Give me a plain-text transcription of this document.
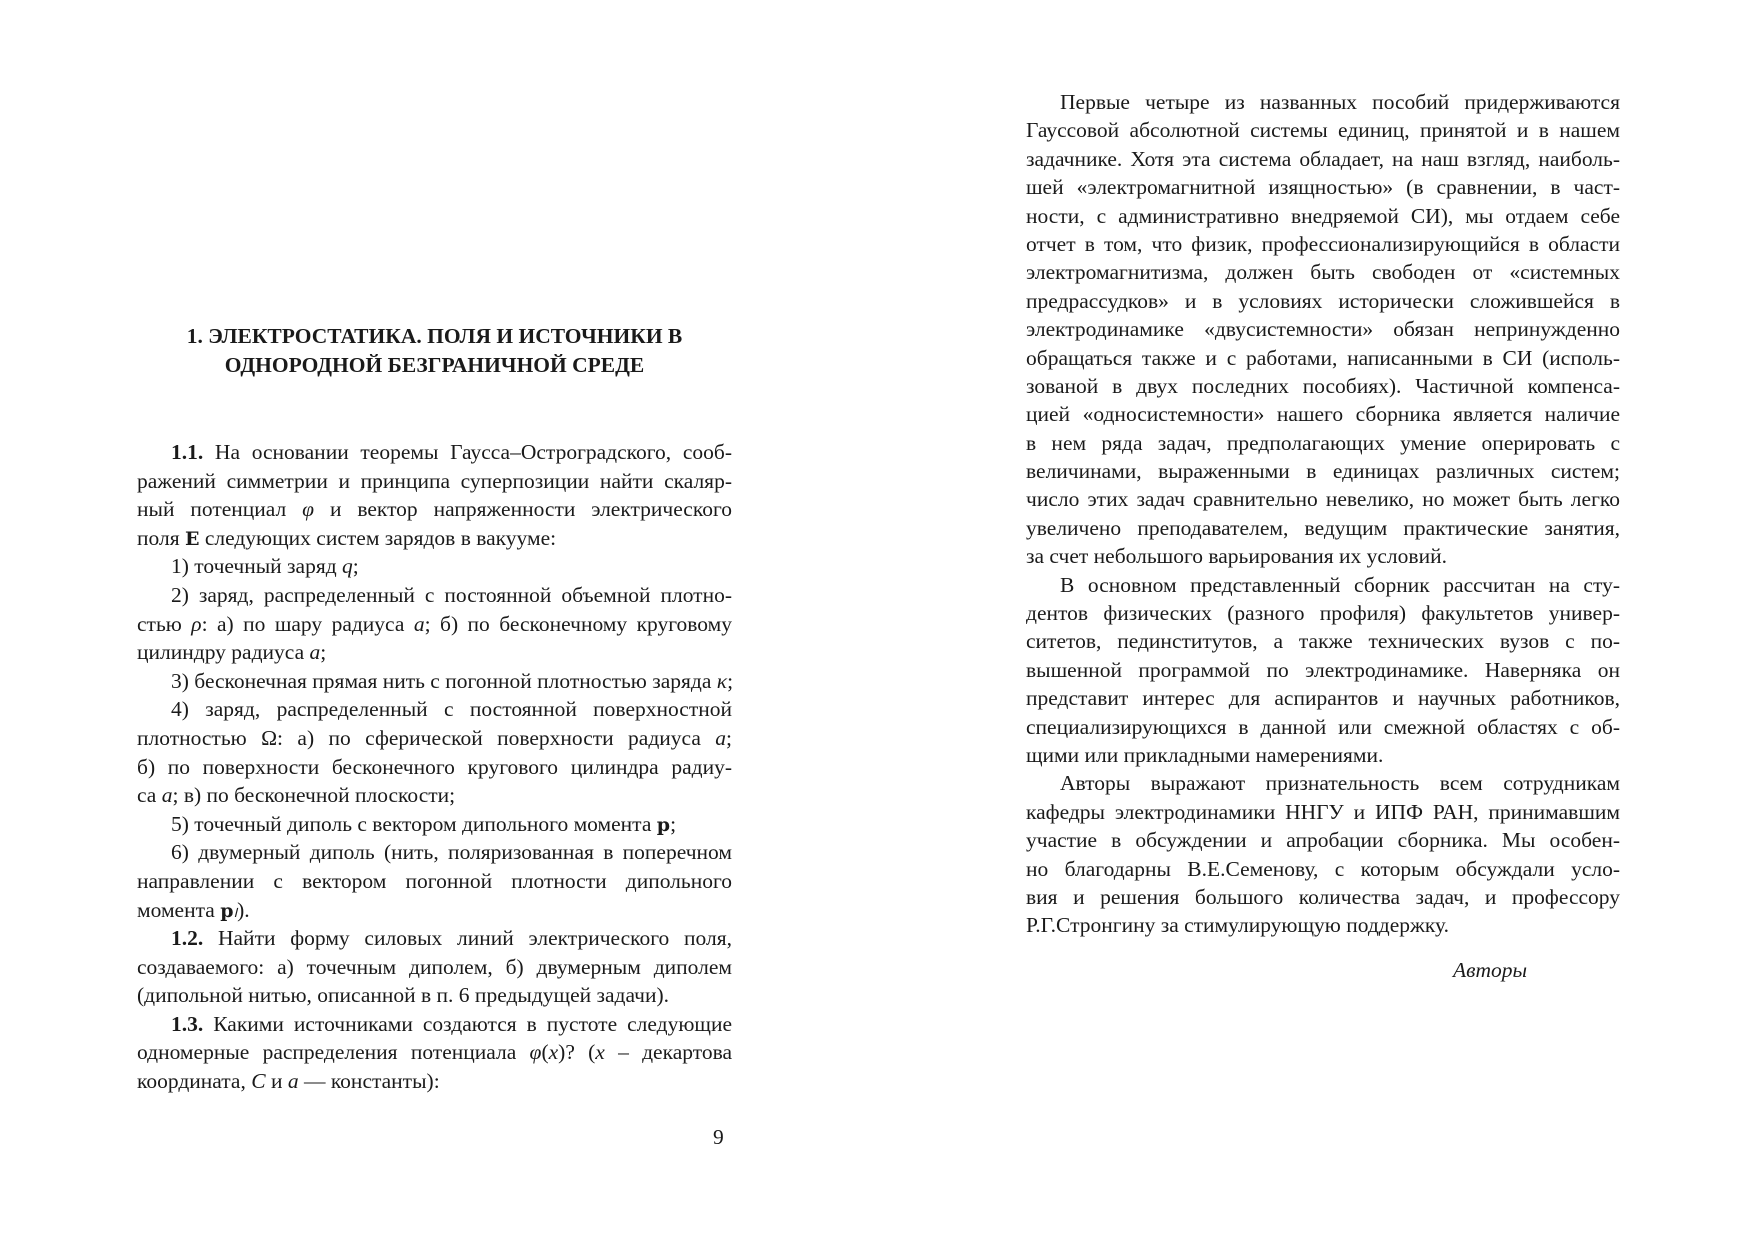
1. ЭЛЕКТРОСТАТИКА. ПОЛЯ И ИСТОЧНИКИ В
ОДНОРОДНОЙ БЕЗГРАНИЧНОЙ СРЕДЕ
1.1. На основании теоремы Гаусса–Остроградского, сооб-
ражений симметрии и принципа суперпозиции найти скаляр-
ный потенциал φ и вектор напряженности электрического
поля E следующих систем зарядов в вакууме:
1) точечный заряд q;
2) заряд, распределенный с постоянной объемной плотно-
стью ρ: а) по шару радиуса a; б) по бесконечному круговому
цилиндру радиуса a;
3) бесконечная прямая нить с погонной плотностью заряда κ;
4) заряд, распределенный с постоянной поверхностной
плотностью Ω: а) по сферической поверхности радиуса a;
б) по поверхности бесконечного кругового цилиндра радиу-
са a; в) по бесконечной плоскости;
5) точечный диполь с вектором дипольного момента p;
6) двумерный диполь (нить, поляризованная в поперечном
направлении с вектором погонной плотности дипольного
момента pₗ).
1.2. Найти форму силовых линий электрического поля,
создаваемого: а) точечным диполем, б) двумерным диполем
(дипольной нитью, описанной в п. 6 предыдущей задачи).
1.3. Какими источниками создаются в пустоте следующие
одномерные распределения потенциала φ(x)? (x – декартова
координата, C и a — константы):
9
Первые четыре из названных пособий придерживаются
Гауссовой абсолютной системы единиц, принятой и в нашем
задачнике. Хотя эта система обладает, на наш взгляд, наиболь-
шей «электромагнитной изящностью» (в сравнении, в част-
ности, с административно внедряемой СИ), мы отдаем себе
отчет в том, что физик, профессионализирующийся в области
электромагнитизма, должен быть свободен от «системных
предрассудков» и в условиях исторически сложившейся в
электродинамике «двусистемности» обязан непринужденно
обращаться также и с работами, написанными в СИ (исполь-
зованой в двух последних пособиях). Частичной компенса-
цией «односистемности» нашего сборника является наличие
в нем ряда задач, предполагающих умение оперировать с
величинами, выраженными в единицах различных систем;
число этих задач сравнительно невелико, но может быть легко
увеличено преподавателем, ведущим практические занятия,
за счет небольшого варьирования их условий.
В основном представленный сборник рассчитан на сту-
дентов физических (разного профиля) факультетов универ-
ситетов, пединститутов, а также технических вузов с по-
вышенной программой по электродинамике. Наверняка он
представит интерес для аспирантов и научных работников,
специализирующихся в данной или смежной областях с об-
щими или прикладными намерениями.
Авторы выражают признательность всем сотрудникам
кафедры электродинамики ННГУ и ИПФ РАН, принимавшим
участие в обсуждении и апробации сборника. Мы особен-
но благодарны В.Е.Семенову, с которым обсуждали усло-
вия и решения большого количества задач, и профессору
Р.Г.Стронгину за стимулирующую поддержку.
Авторы
